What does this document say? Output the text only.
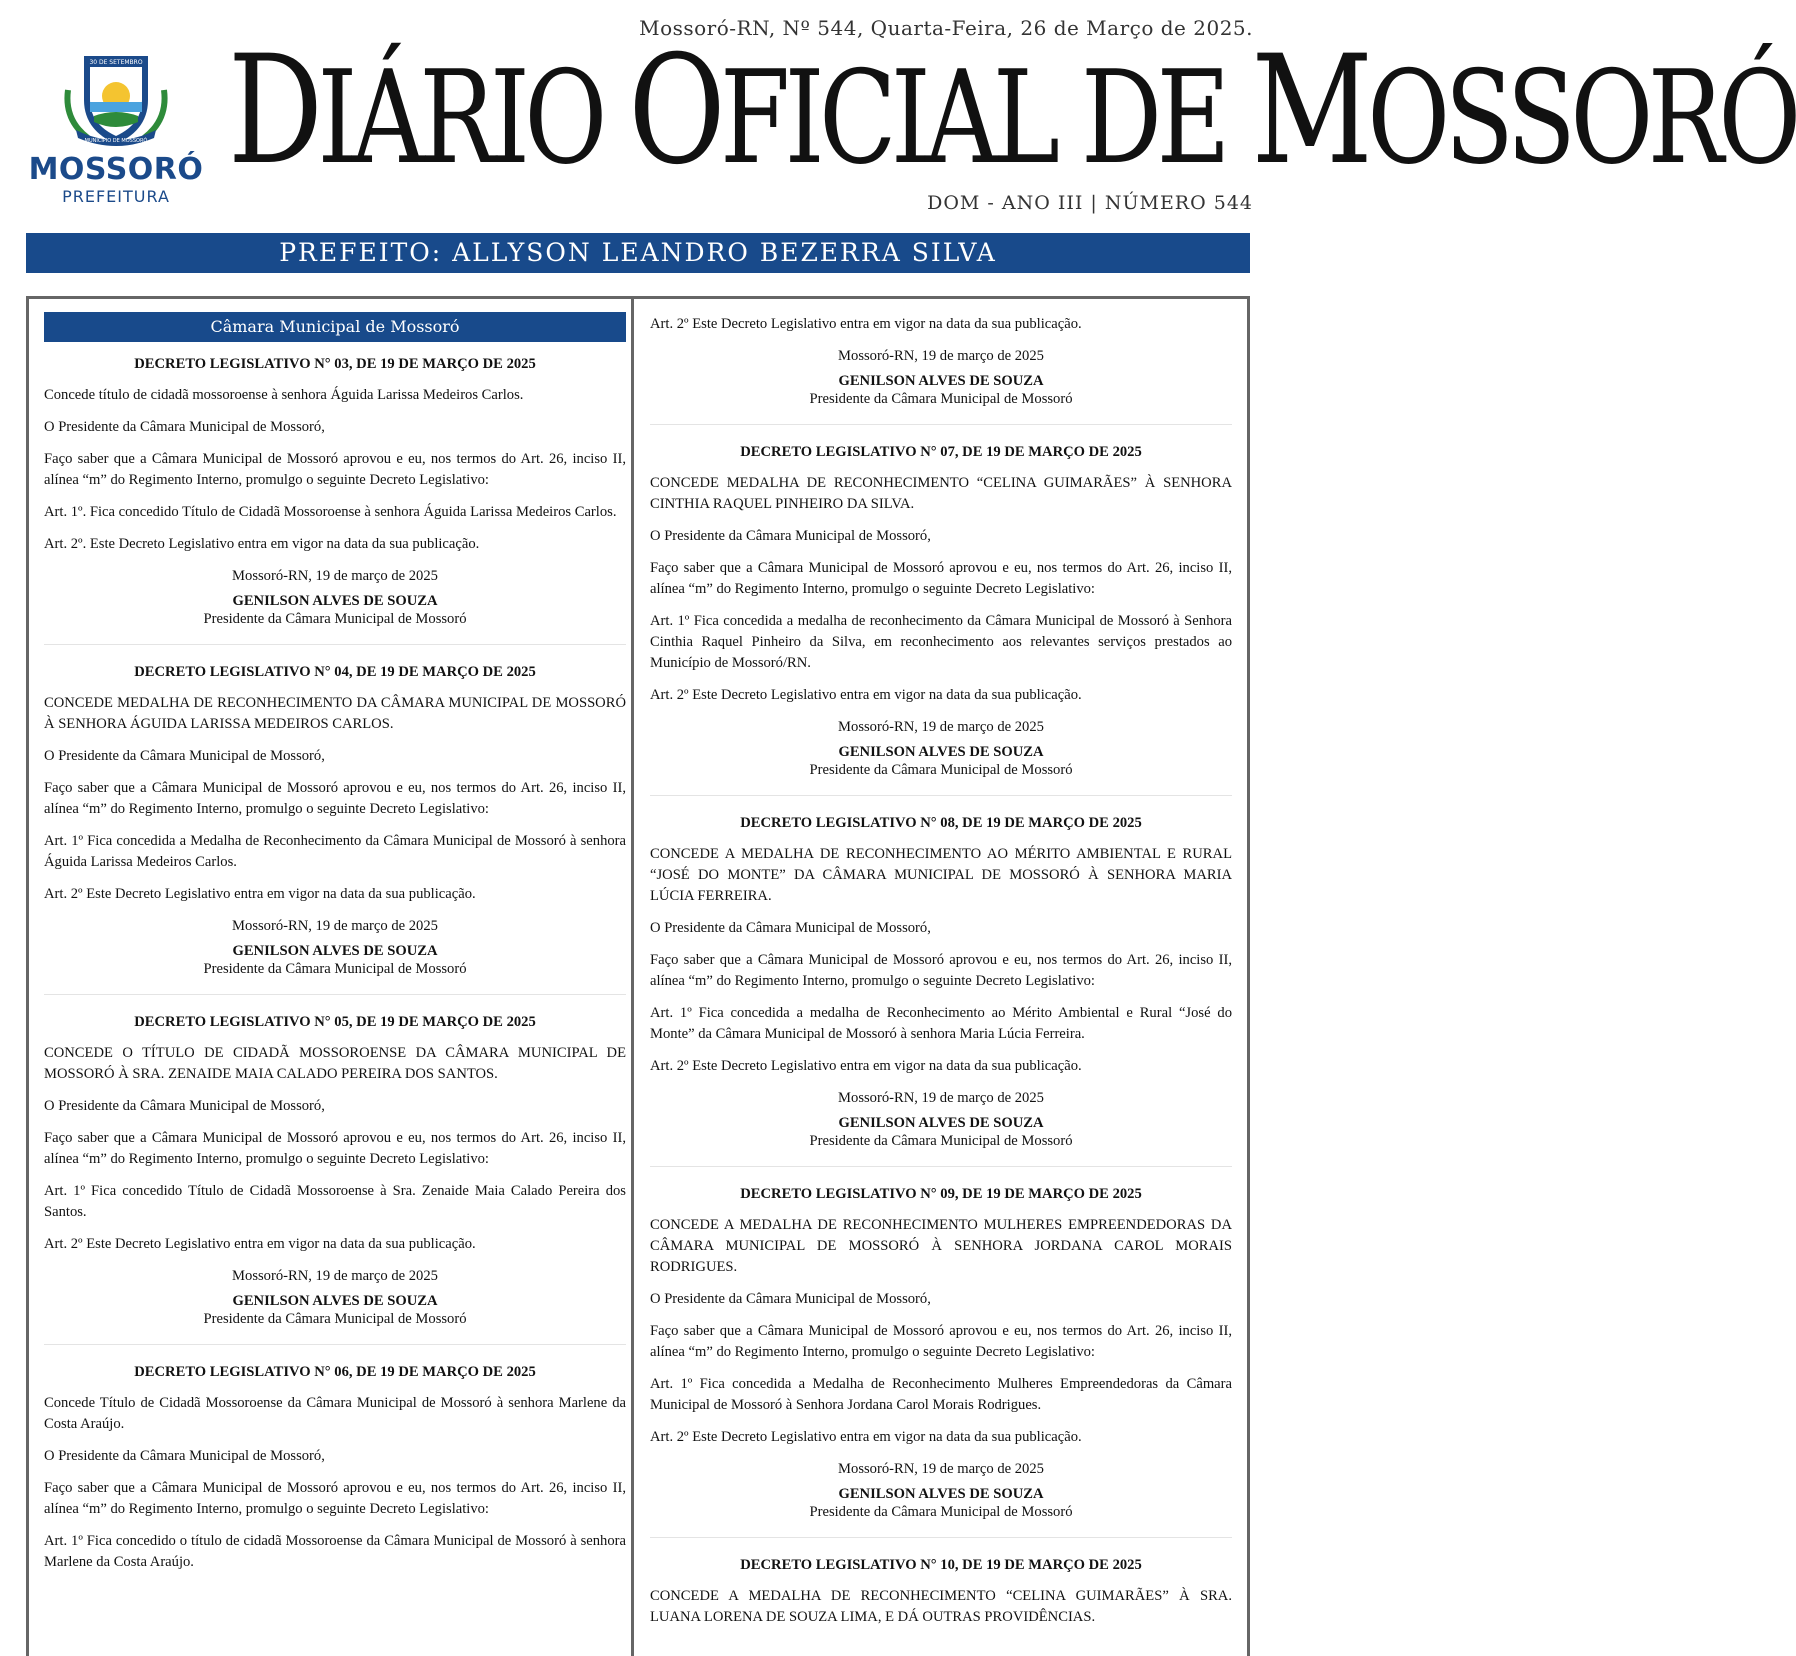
Mossoró-RN, Nº 544, Quarta-Feira, 26 de Março de 2025.
30 DE SETEMBRO
MUNICÍPIO DE MOSSORÓ
MOSSORÓ
PREFEITURA DIÁRIO OFICIAL DE MOSSORÓ
DOM - ANO III | NÚMERO 544
PREFEITO: ALLYSON LEANDRO BEZERRA SILVA
Câmara Municipal de Mossoró
DECRETO LEGISLATIVO N° 03, DE 19 DE MARÇO DE 2025

Concede título de cidadã mossoroense à senhora Águida Larissa Medeiros Carlos.

O Presidente da Câmara Municipal de Mossoró,

Faço saber que a Câmara Municipal de Mossoró aprovou e eu, nos termos do Art. 26, inciso II, alínea “m” do Regimento Interno, promulgo o seguinte Decreto Legislativo:

Art. 1º. Fica concedido Título de Cidadã Mossoroense à senhora Águida Larissa Medeiros Carlos.

Art. 2º. Este Decreto Legislativo entra em vigor na data da sua publicação.

Mossoró-RN, 19 de março de 2025
GENILSON ALVES DE SOUZA
Presidente da Câmara Municipal de Mossoró
DECRETO LEGISLATIVO N° 04, DE 19 DE MARÇO DE 2025

CONCEDE MEDALHA DE RECONHECIMENTO DA CÂMARA MUNICIPAL DE MOSSORÓ À SENHORA ÁGUIDA LARISSA MEDEIROS CARLOS.

O Presidente da Câmara Municipal de Mossoró,

Faço saber que a Câmara Municipal de Mossoró aprovou e eu, nos termos do Art. 26, inciso II, alínea “m” do Regimento Interno, promulgo o seguinte Decreto Legislativo:

Art. 1º Fica concedida a Medalha de Reconhecimento da Câmara Municipal de Mossoró à senhora Águida Larissa Medeiros Carlos.

Art. 2º Este Decreto Legislativo entra em vigor na data da sua publicação.

Mossoró-RN, 19 de março de 2025
GENILSON ALVES DE SOUZA
Presidente da Câmara Municipal de Mossoró
DECRETO LEGISLATIVO N° 05, DE 19 DE MARÇO DE 2025

CONCEDE O TÍTULO DE CIDADÃ MOSSOROENSE DA CÂMARA MUNICIPAL DE MOSSORÓ À SRA. ZENAIDE MAIA CALADO PEREIRA DOS SANTOS.

O Presidente da Câmara Municipal de Mossoró,

Faço saber que a Câmara Municipal de Mossoró aprovou e eu, nos termos do Art. 26, inciso II, alínea “m” do Regimento Interno, promulgo o seguinte Decreto Legislativo:

Art. 1º Fica concedido Título de Cidadã Mossoroense à Sra. Zenaide Maia Calado Pereira dos Santos.

Art. 2º Este Decreto Legislativo entra em vigor na data da sua publicação.

Mossoró-RN, 19 de março de 2025
GENILSON ALVES DE SOUZA
Presidente da Câmara Municipal de Mossoró
DECRETO LEGISLATIVO N° 06, DE 19 DE MARÇO DE 2025

Concede Título de Cidadã Mossoroense da Câmara Municipal de Mossoró à senhora Marlene da Costa Araújo.

O Presidente da Câmara Municipal de Mossoró,

Faço saber que a Câmara Municipal de Mossoró aprovou e eu, nos termos do Art. 26, inciso II, alínea “m” do Regimento Interno, promulgo o seguinte Decreto Legislativo:

Art. 1º Fica concedido o título de cidadã Mossoroense da Câmara Municipal de Mossoró à senhora Marlene da Costa Araújo.

Art. 2º Este Decreto Legislativo entra em vigor na data da sua publicação.

Mossoró-RN, 19 de março de 2025
GENILSON ALVES DE SOUZA
Presidente da Câmara Municipal de Mossoró
DECRETO LEGISLATIVO N° 07, DE 19 DE MARÇO DE 2025

CONCEDE MEDALHA DE RECONHECIMENTO “CELINA GUIMARÃES” À SENHORA CINTHIA RAQUEL PINHEIRO DA SILVA.

O Presidente da Câmara Municipal de Mossoró,

Faço saber que a Câmara Municipal de Mossoró aprovou e eu, nos termos do Art. 26, inciso II, alínea “m” do Regimento Interno, promulgo o seguinte Decreto Legislativo:

Art. 1º Fica concedida a medalha de reconhecimento da Câmara Municipal de Mossoró à Senhora Cinthia Raquel Pinheiro da Silva, em reconhecimento aos relevantes serviços prestados ao Município de Mossoró/RN.

Art. 2º Este Decreto Legislativo entra em vigor na data da sua publicação.

Mossoró-RN, 19 de março de 2025
GENILSON ALVES DE SOUZA
Presidente da Câmara Municipal de Mossoró
DECRETO LEGISLATIVO N° 08, DE 19 DE MARÇO DE 2025

CONCEDE A MEDALHA DE RECONHECIMENTO AO MÉRITO AMBIENTAL E RURAL “JOSÉ DO MONTE” DA CÂMARA MUNICIPAL DE MOSSORÓ À SENHORA MARIA LÚCIA FERREIRA.

O Presidente da Câmara Municipal de Mossoró,

Faço saber que a Câmara Municipal de Mossoró aprovou e eu, nos termos do Art. 26, inciso II, alínea “m” do Regimento Interno, promulgo o seguinte Decreto Legislativo:

Art. 1º Fica concedida a medalha de Reconhecimento ao Mérito Ambiental e Rural “José do Monte” da Câmara Municipal de Mossoró à senhora Maria Lúcia Ferreira.

Art. 2º Este Decreto Legislativo entra em vigor na data da sua publicação.

Mossoró-RN, 19 de março de 2025
GENILSON ALVES DE SOUZA
Presidente da Câmara Municipal de Mossoró
DECRETO LEGISLATIVO N° 09, DE 19 DE MARÇO DE 2025

CONCEDE A MEDALHA DE RECONHECIMENTO MULHERES EMPREENDEDORAS DA CÂMARA MUNICIPAL DE MOSSORÓ À SENHORA JORDANA CAROL MORAIS RODRIGUES.

O Presidente da Câmara Municipal de Mossoró,

Faço saber que a Câmara Municipal de Mossoró aprovou e eu, nos termos do Art. 26, inciso II, alínea “m” do Regimento Interno, promulgo o seguinte Decreto Legislativo:

Art. 1º Fica concedida a Medalha de Reconhecimento Mulheres Empreendedoras da Câmara Municipal de Mossoró à Senhora Jordana Carol Morais Rodrigues.

Art. 2º Este Decreto Legislativo entra em vigor na data da sua publicação.

Mossoró-RN, 19 de março de 2025
GENILSON ALVES DE SOUZA
Presidente da Câmara Municipal de Mossoró
DECRETO LEGISLATIVO N° 10, DE 19 DE MARÇO DE 2025

CONCEDE A MEDALHA DE RECONHECIMENTO “CELINA GUIMARÃES” À SRA. LUANA LORENA DE SOUZA LIMA, E DÁ OUTRAS PROVIDÊNCIAS.
